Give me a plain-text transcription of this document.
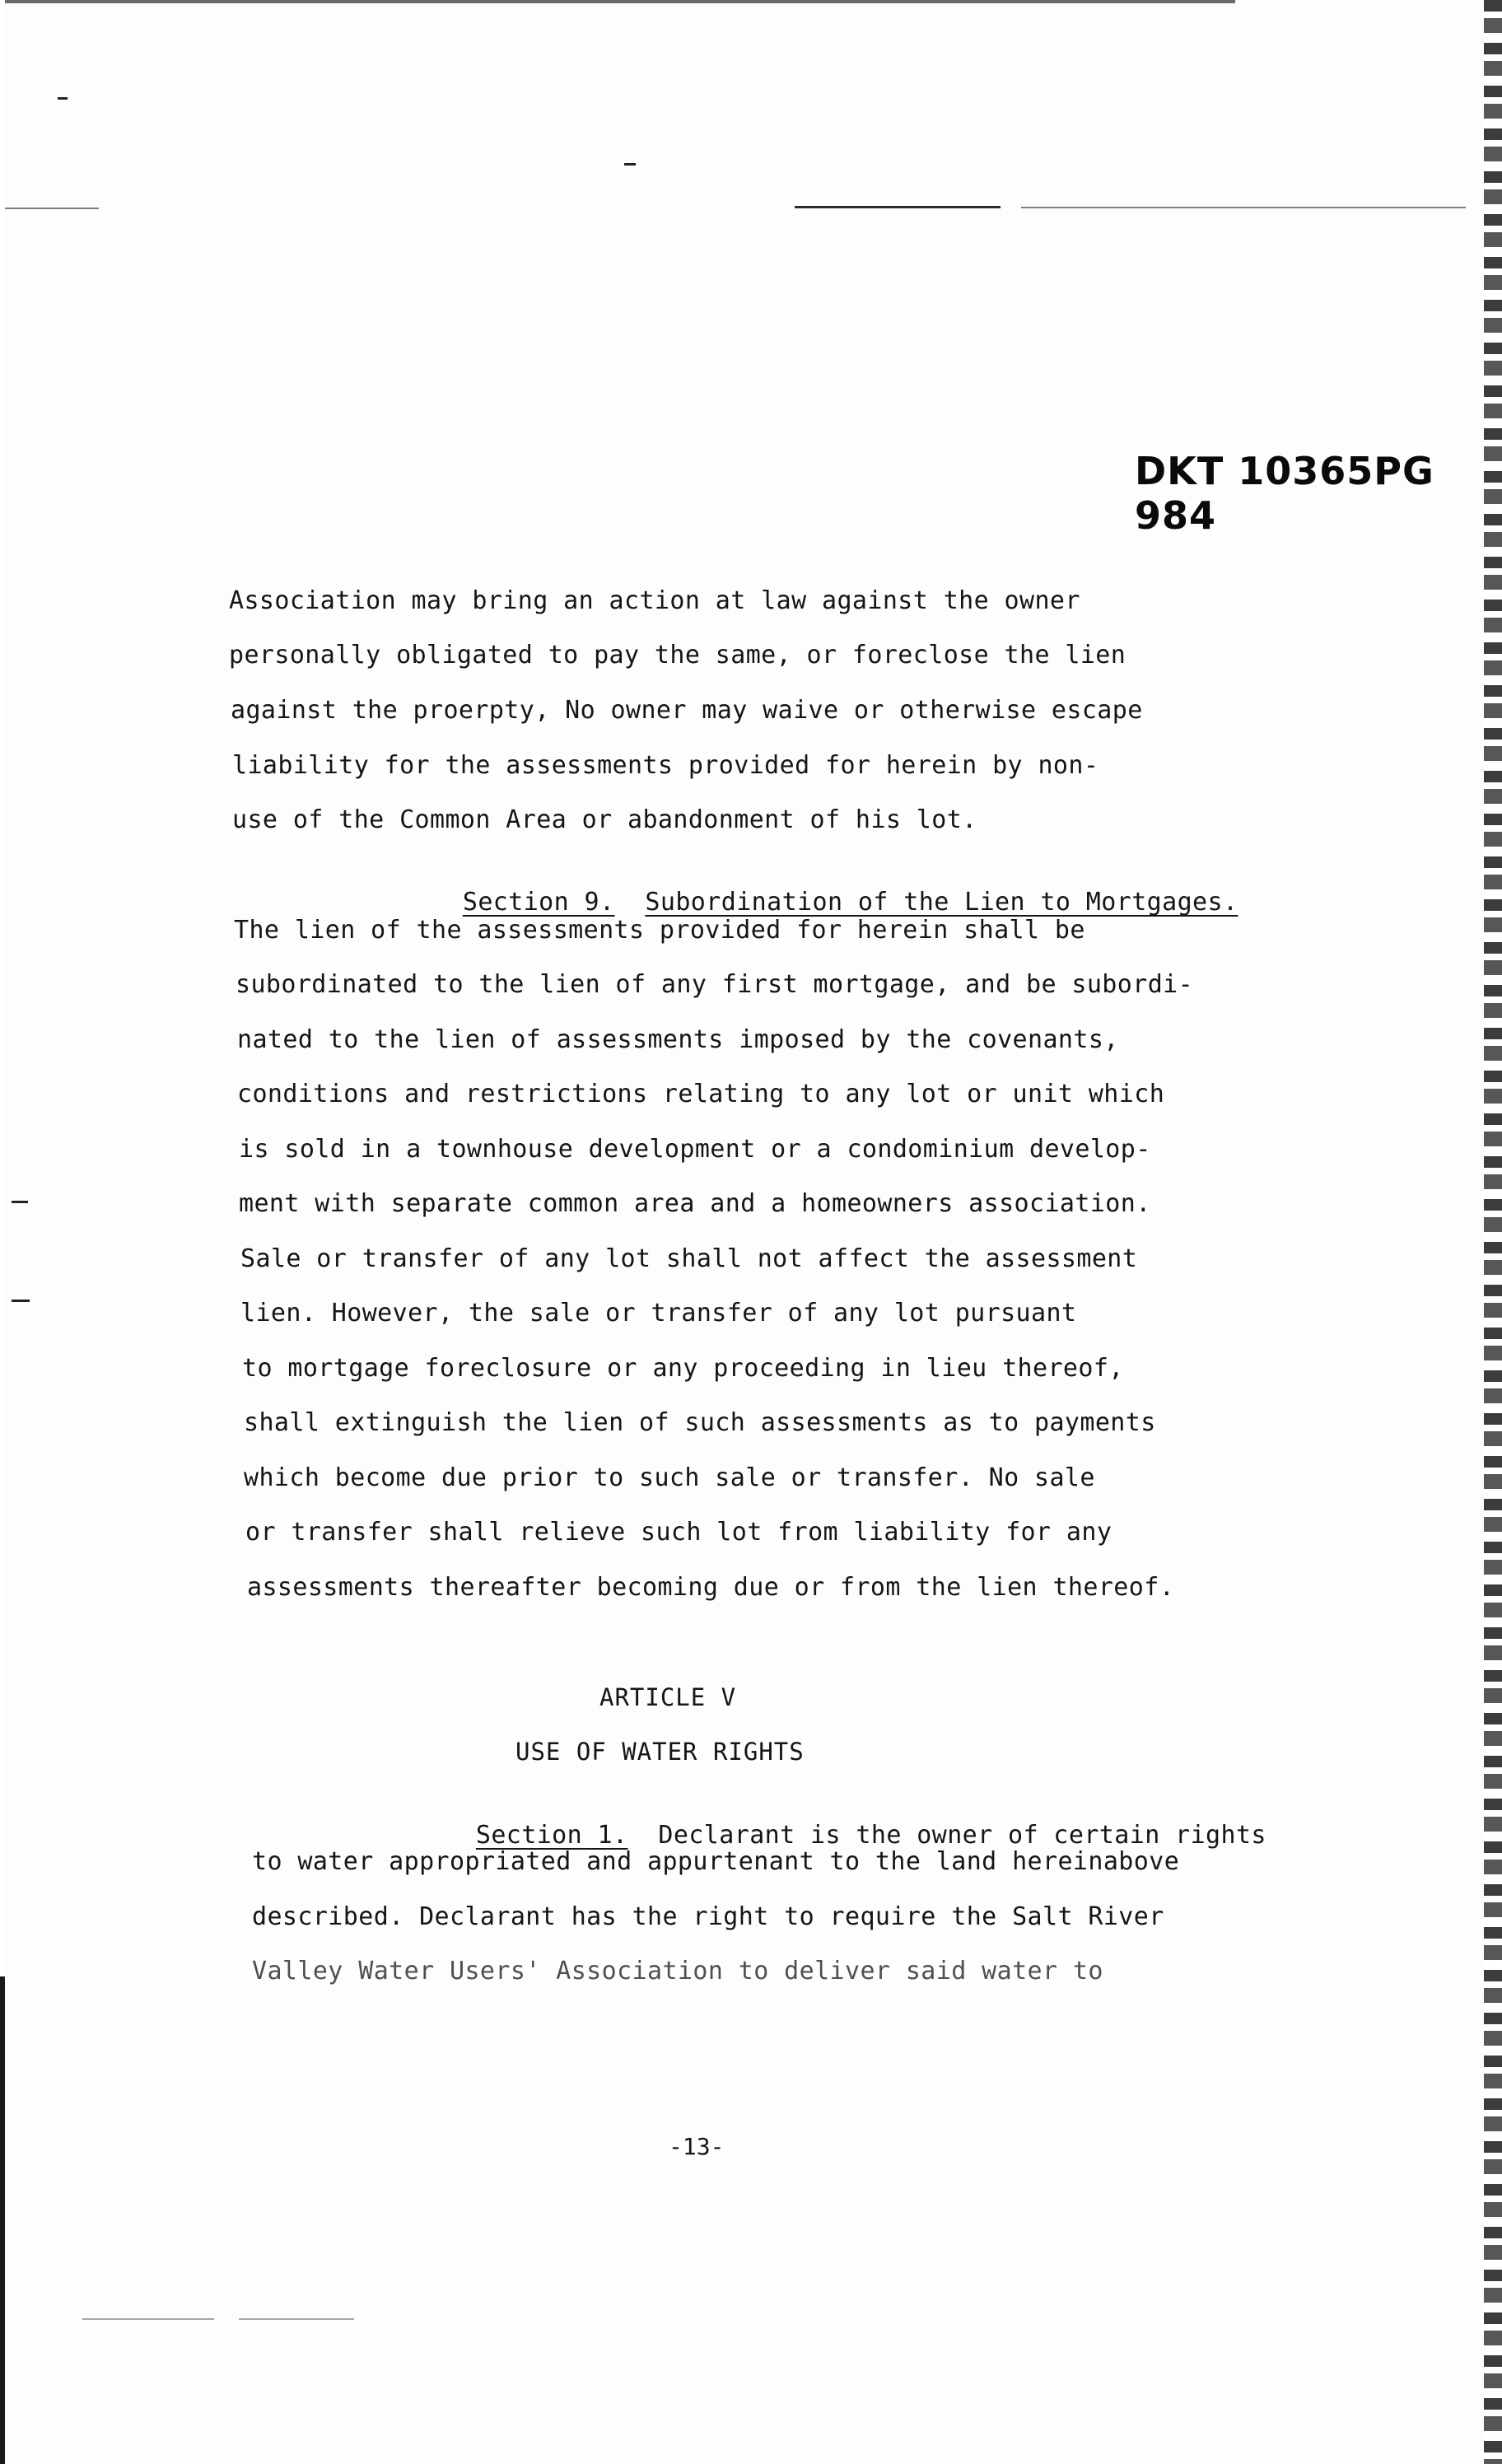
DKT 10365PG 984
Association may bring an action at law against the owner
personally obligated to pay the same, or foreclose the lien
against the proerpty, No owner may waive or otherwise escape
liability for the assessments provided for herein by non-
use of the Common Area or abandonment of his lot.

Section 9. Subordination of the Lien to Mortgages.

The lien of the assessments provided for herein shall be
subordinated to the lien of any first mortgage, and be subordi-
nated to the lien of assessments imposed by the covenants,
conditions and restrictions relating to any lot or unit which
is sold in a townhouse development or a condominium develop-
ment with separate common area and a homeowners association.
Sale or transfer of any lot shall not affect the assessment
lien. However, the sale or transfer of any lot pursuant
to mortgage foreclosure or any proceeding in lieu thereof,
shall extinguish the lien of such assessments as to payments
which become due prior to such sale or transfer. No sale
or transfer shall relieve such lot from liability for any
assessments thereafter becoming due or from the lien thereof.
ARTICLE V
USE OF WATER RIGHTS

Section 1. Declarant is the owner of certain rights

to water appropriated and appurtenant to the land hereinabove
described. Declarant has the right to require the Salt River
Valley Water Users' Association to deliver said water to
-13-
